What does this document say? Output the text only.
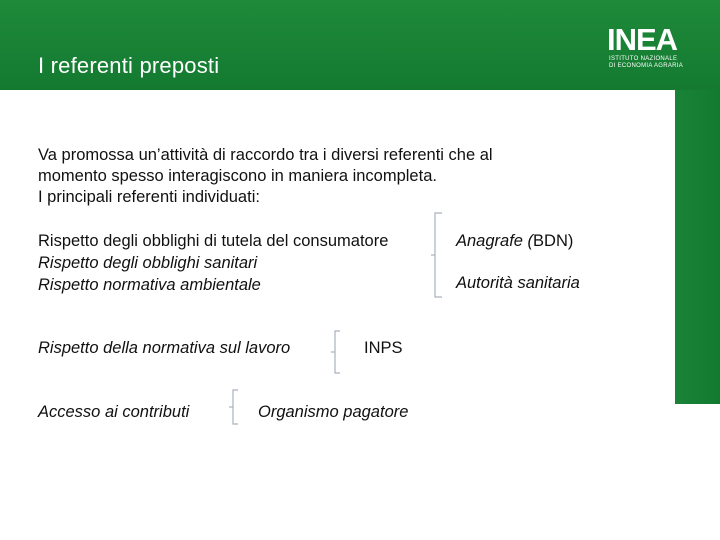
I referenti preposti
INEA
ISTITUTO NAZIONALE
DI ECONOMIA AGRARIA
Va promossa un’attività di raccordo tra i diversi referenti che al
momento spesso interagiscono in maniera incompleta.
I principali referenti individuati:
Rispetto degli obblighi di tutela del consumatore
Rispetto degli obblighi sanitari
Rispetto normativa ambientale
Anagrafe (BDN)
Autorità sanitaria
Rispetto della normativa sul lavoro	INPS
Accesso ai contributi	Organismo pagatore
